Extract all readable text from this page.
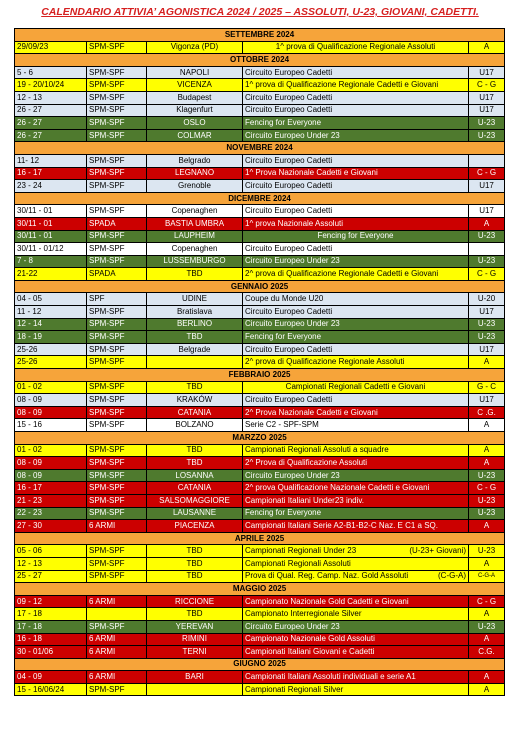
CALENDARIO ATTIVIA’ AGONISTICA 2024 / 2025 – ASSOLUTI, U-23, GIOVANI, CADETTI.
SETTEMBRE 2024				
29/09/23	SPM-SPF	Vigonza (PD)	1^ prova di Qualificazione Regionale Assoluti	A
OTTOBRE 2024				
5 - 6	SPM-SPF	NAPOLI	Circuito Europeo Cadetti	U17
19 - 20/10/24	SPM-SPF	VICENZA	1^ prova di Qualificazione Regionale Cadetti e Giovani	C - G
12 - 13	SPM-SPF	Budapest	Circuito Europeo Cadetti	U17
26 - 27	SPM-SPF	Klagenfurt	Circuito Europeo Cadetti	U17
26 - 27	SPM-SPF	OSLO	Fencing for Everyone	U-23
26 - 27	SPM-SPF	COLMAR	Circuito Europeo Under 23	U-23
NOVEMBRE 2024				
11- 12	SPM-SPF	Belgrado	Circuito Europeo Cadetti	
16 - 17	SPM-SPF	LEGNANO	1^ Prova Nazionale Cadetti e Giovani	C - G
23 - 24	SPM-SPF	Grenoble	Circuito Europeo Cadetti	U17
DICEMBRE 2024				
30/11 - 01	SPM-SPF	Copenaghen	Circuito Europeo Cadetti	U17
30/11 - 01	SPADA	BASTIA UMBRA	1^ prova Nazionale Assoluti	A
30/11 - 01	SPM-SPF	LAUPHEIM	Fencing for Everyone	U-23
30/11 - 01/12	SPM-SPF	Copenaghen	Circuito Europeo Cadetti	
7 - 8	SPM-SPF	LUSSEMBURGO	Circuito Europeo Under 23	U-23
21-22	SPADA	TBD	2^ prova di Qualificazione Regionale Cadetti e Giovani	C - G
GENNAIO 2025				
04 - 05	SPF	UDINE	Coupe du Monde U20	U-20
11 - 12	SPM-SPF	Bratislava	Circuito Europeo Cadetti	U17
12 - 14	SPM-SPF	BERLINO	Circuito Europeo Under 23	U-23
18 - 19	SPM-SPF	TBD	Fencing for Everyone	U-23
25-26	SPM-SPF	Belgrade	Circuito Europeo Cadetti	U17
25-26	SPM-SPF		2^ prova di Qualificazione Regionale Assoluti	A
FEBBRAIO 2025				
01 - 02	SPM-SPF	TBD	Campionati Regionali Cadetti e Giovani	G - C
08 - 09	SPM-SPF	KRAKÓW	Circuito Europeo Cadetti	U17
08 - 09	SPM-SPF	CATANIA	2^ Prova Nazionale Cadetti e Giovani	C .G.
15 - 16	SPM-SPF	BOLZANO	Serie C2 - SPF-SPM	A
MARZZO 2025				
01 - 02	SPM-SPF	TBD	Campionati Regionali Assoluti a squadre	A
08 - 09	SPM-SPF	TBD	2^ Prova di Qualificazione Assoluti	A
08 - 09	SPM-SPF	LOSANNA	Circuito Europeo Under 23	U-23
16 - 17	SPM-SPF	CATANIA	2^ prova Qualificazione Nazionale Cadetti e Giovani	C - G
21 - 23	SPM-SPF	SALSOMAGGIORE	Campionati Italiani Under23 indiv.	U-23
22 - 23	SPM-SPF	LAUSANNE	Fencing for Everyone	U-23
27 - 30	6 ARMI	PIACENZA	Campionati Italiani Serie A2-B1-B2-C Naz. E C1 a SQ.	A
APRILE 2025				
05 - 06	SPM-SPF	TBD	Campionati Regionali Under 23 (U-23+ Giovani)	U-23
12 - 13	SPM-SPF	TBD	Campionati Regionali Assoluti	A
25 - 27	SPM-SPF	TBD	Prova di Qual. Reg. Camp. Naz. Gold Assoluti (C-G-A)	C-G-A
MAGGIO 2025				
09 - 12	6 ARMI	RICCIONE	Campionato Nazionale Gold Cadetti e Giovani	C - G
17 - 18		TBD	Campionato Interregionale Silver	A
17 - 18	SPM-SPF	YEREVAN	Circuito Europeo Under 23	U-23
16 - 18	6 ARMI	RIMINI	Campionato Nazionale Gold Assoluti	A
30 - 01/06	6 ARMI	TERNI	Campionati Italiani Giovani e Cadetti	C.G.
GIUGNO 2025				
04 - 09	6 ARMI	BARI	Campionati Italiani Assoluti individuali e serie A1	A
15 - 16/06/24	SPM-SPF		Campionati Regionali Silver	A
